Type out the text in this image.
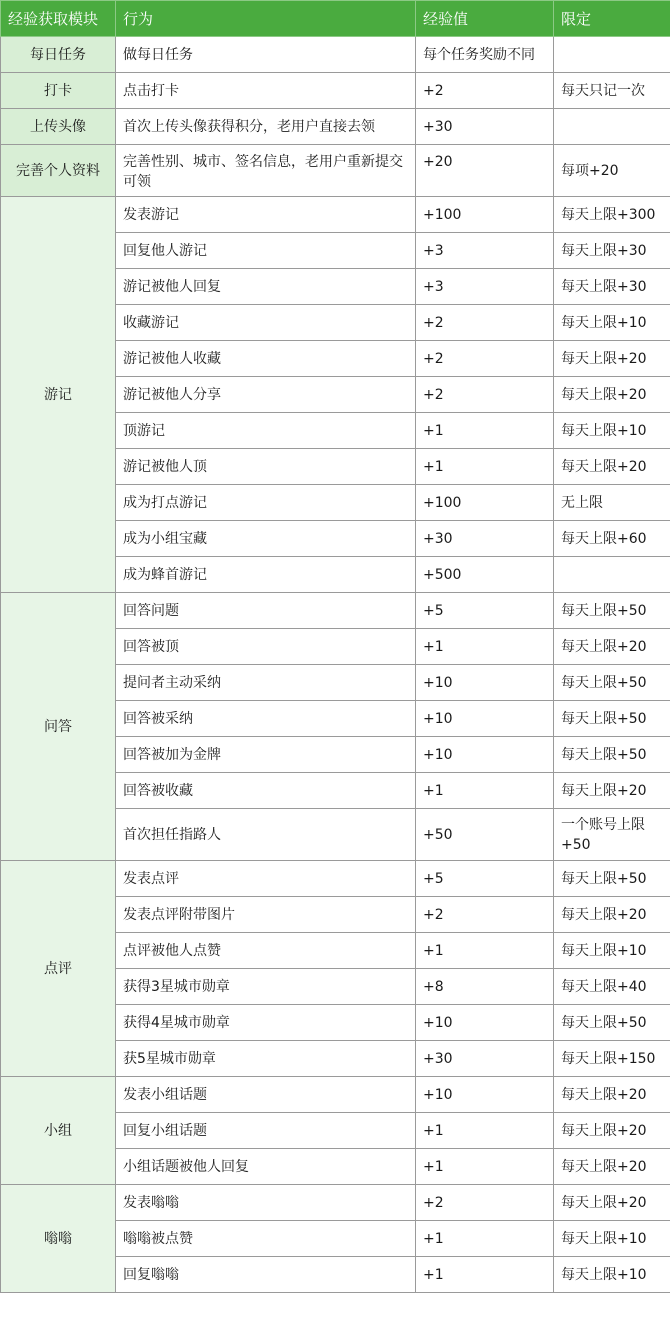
经验获取模块	行为	经验值	限定
每日任务	做每日任务	每个任务奖励不同	
打卡	点击打卡	+2	每天只记一次
上传头像	首次上传头像获得积分，老用户直接去领	+30	
完善个人资料	完善性别、城市、签名信息，老用户重新提交可领	+20	每项+20
游记	发表游记	+100	每天上限+300
	回复他人游记	+3	每天上限+30
	游记被他人回复	+3	每天上限+30
	收藏游记	+2	每天上限+10
	游记被他人收藏	+2	每天上限+20
	游记被他人分享	+2	每天上限+20
	顶游记	+1	每天上限+10
	游记被他人顶	+1	每天上限+20
	成为打点游记	+100	无上限
	成为小组宝藏	+30	每天上限+60
	成为蜂首游记	+500	
问答	回答问题	+5	每天上限+50
	回答被顶	+1	每天上限+20
	提问者主动采纳	+10	每天上限+50
	回答被采纳	+10	每天上限+50
	回答被加为金牌	+10	每天上限+50
	回答被收藏	+1	每天上限+20
	首次担任指路人	+50	一个账号上限+50
点评	发表点评	+5	每天上限+50
	发表点评附带图片	+2	每天上限+20
	点评被他人点赞	+1	每天上限+10
	获得3星城市勋章	+8	每天上限+40
	获得4星城市勋章	+10	每天上限+50
	获5星城市勋章	+30	每天上限+150
小组	发表小组话题	+10	每天上限+20
	回复小组话题	+1	每天上限+20
	小组话题被他人回复	+1	每天上限+20
嗡嗡	发表嗡嗡	+2	每天上限+20
	嗡嗡被点赞	+1	每天上限+10
	回复嗡嗡	+1	每天上限+10
